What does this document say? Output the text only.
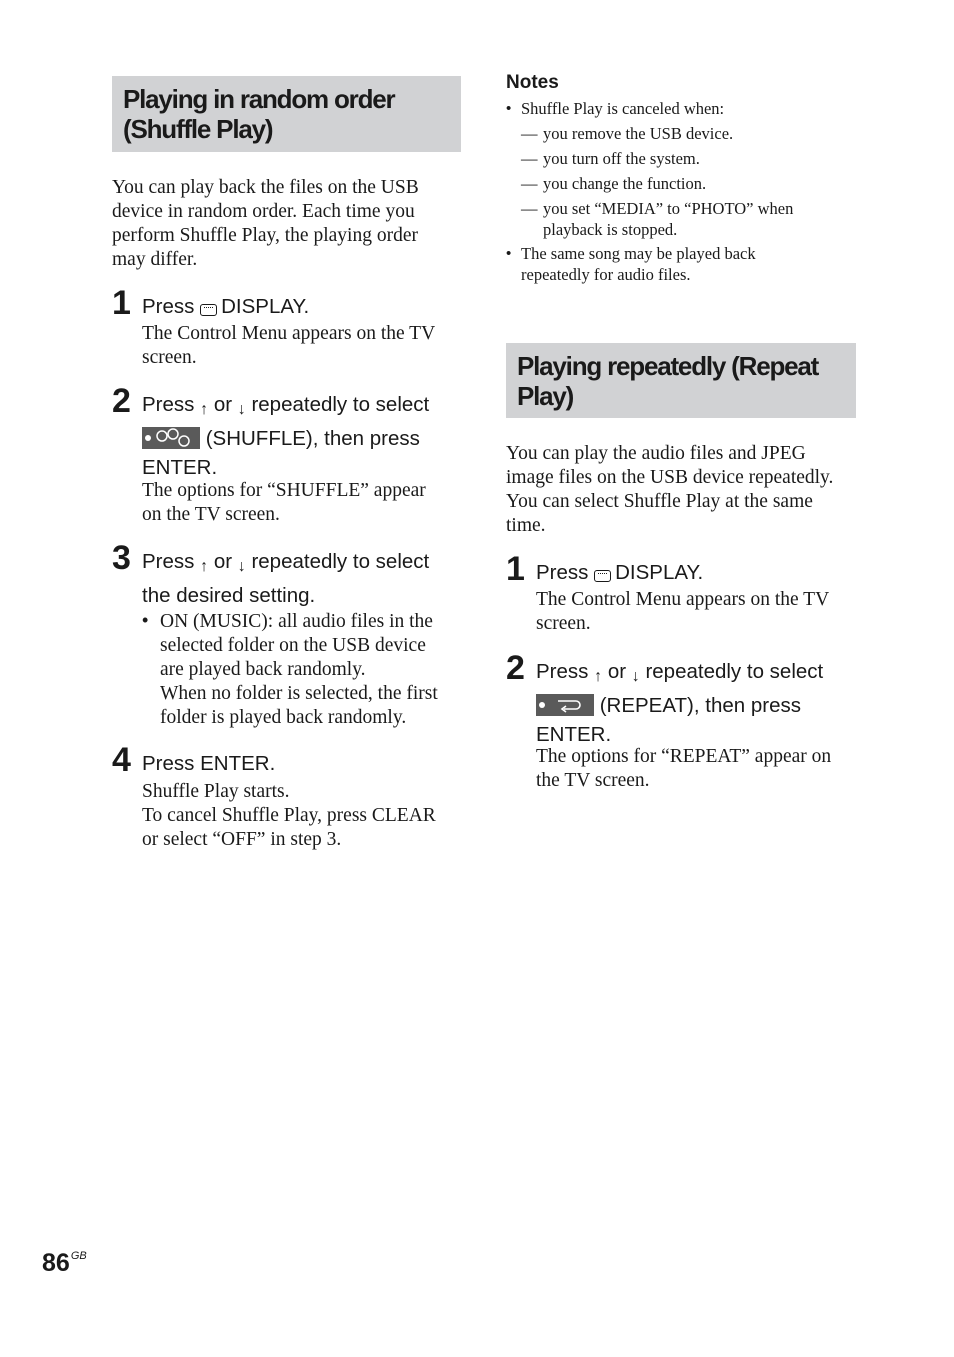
Playing in random order
(Shuffle Play)
You can play back the files on the USB
device in random order. Each time you
perform Shuffle Play, the playing order
may differ.
1 Press DISPLAY.
The Control Menu appears on the TV
screen.
2 Press ↑ or ↓ repeatedly to select
(SHUFFLE), then press
ENTER.
The options for “SHUFFLE” appear
on the TV screen.
3 Press ↑ or ↓ repeatedly to select
the desired setting.
• ON (MUSIC): all audio files in the
selected folder on the USB device
are played back randomly.
When no folder is selected, the first
folder is played back randomly.
4 Press ENTER.
Shuffle Play starts.
To cancel Shuffle Play, press CLEAR
or select “OFF” in step 3.
Notes
• Shuffle Play is canceled when:
— you remove the USB device.
— you turn off the system.
— you change the function.
— you set “MEDIA” to “PHOTO” when
playback is stopped.
• The same song may be played back
repeatedly for audio files.
Playing repeatedly (Repeat
Play)
You can play the audio files and JPEG
image files on the USB device repeatedly.
You can select Shuffle Play at the same
time.
1 Press DISPLAY.
The Control Menu appears on the TV
screen.
2 Press ↑ or ↓ repeatedly to select
(REPEAT), then press
ENTER.
The options for “REPEAT” appear on
the TV screen.
$86^{GB}$
